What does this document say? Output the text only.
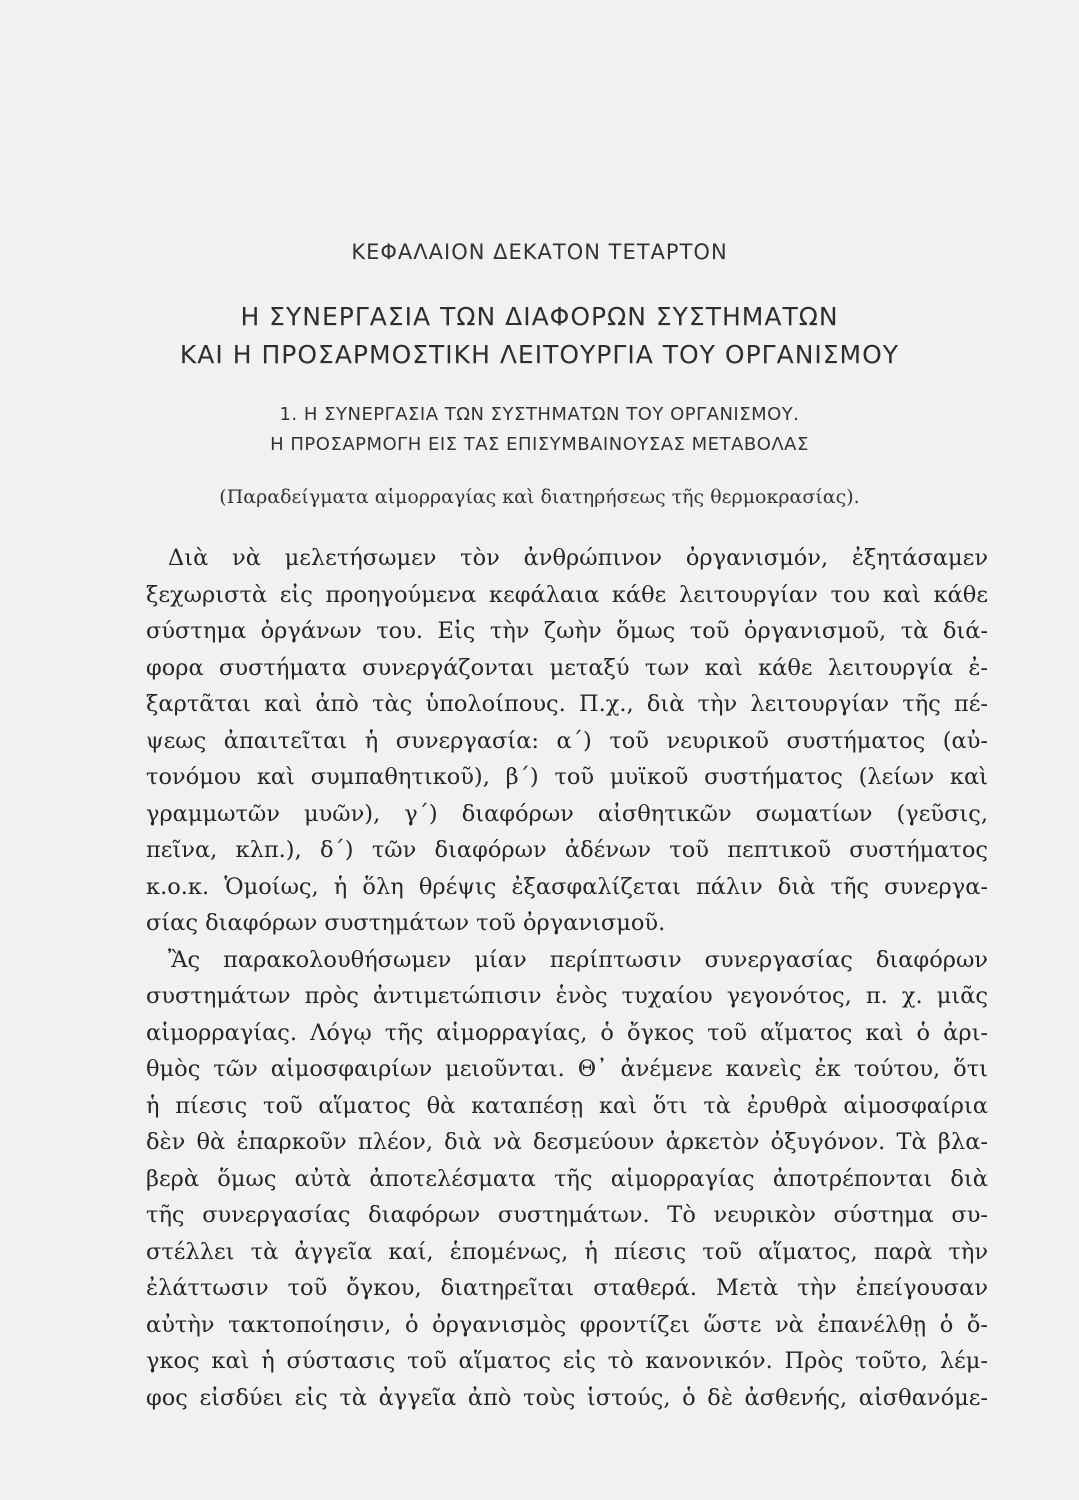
ΚΕΦΑΛΑΙΟΝ ΔΕΚΑΤΟΝ ΤΕΤΑΡΤΟΝ
Η ΣΥΝΕΡΓΑΣΙΑ ΤΩΝ ΔΙΑΦΟΡΩΝ ΣΥΣΤΗΜΑΤΩΝ
ΚΑΙ Η ΠΡΟΣΑΡΜΟΣΤΙΚΗ ΛΕΙΤΟΥΡΓΙΑ ΤΟΥ ΟΡΓΑΝΙΣΜΟΥ
1. Η ΣΥΝΕΡΓΑΣΙΑ ΤΩΝ ΣΥΣΤΗΜΑΤΩΝ ΤΟΥ ΟΡΓΑΝΙΣΜΟΥ.
Η ΠΡΟΣΑΡΜΟΓΗ ΕΙΣ ΤΑΣ ΕΠΙΣΥΜΒΑΙΝΟΥΣΑΣ ΜΕΤΑΒΟΛΑΣ
(Παραδείγματα αἱμορραγίας καὶ διατηρήσεως τῆς θερμοκρασίας).
Διὰ νὰ μελετήσωμεν τὸν ἀνθρώπινον ὀργανισμόν, ἐξητάσαμεν
ξεχωριστὰ εἰς προηγούμενα κεφάλαια κάθε λειτουργίαν του καὶ κάθε
σύστημα ὀργάνων του. Εἰς τὴν ζωὴν ὅμως τοῦ ὀργανισμοῦ, τὰ διά-
φορα συστήματα συνεργάζονται μεταξύ των καὶ κάθε λειτουργία ἐ-
ξαρτᾶται καὶ ἀπὸ τὰς ὑπολοίπους. Π.χ., διὰ τὴν λειτουργίαν τῆς πέ-
ψεως ἀπαιτεῖται ἡ συνεργασία: α΄) τοῦ νευρικοῦ συστήματος (αὐ-
τονόμου καὶ συμπαθητικοῦ), β΄) τοῦ μυϊκοῦ συστήματος (λείων καὶ
γραμμωτῶν μυῶν), γ΄) διαφόρων αἰσθητικῶν σωματίων (γεῦσις,
πεῖνα, κλπ.), δ΄) τῶν διαφόρων ἀδένων τοῦ πεπτικοῦ συστήματος
κ.ο.κ. Ὁμοίως, ἡ ὅλη θρέψις ἐξασφαλίζεται πάλιν διὰ τῆς συνεργα-
σίας διαφόρων συστημάτων τοῦ ὀργανισμοῦ.
Ἂς παρακολουθήσωμεν μίαν περίπτωσιν συνεργασίας διαφόρων
συστημάτων πρὸς ἀντιμετώπισιν ἑνὸς τυχαίου γεγονότος, π. χ. μιᾶς
αἱμορραγίας. Λόγῳ τῆς αἱμορραγίας, ὁ ὄγκος τοῦ αἵματος καὶ ὁ ἀρι-
θμὸς τῶν αἱμοσφαιρίων μειοῦνται. Θ᾽ ἀνέμενε κανεὶς ἐκ τούτου, ὅτι
ἡ πίεσις τοῦ αἵματος θὰ καταπέσῃ καὶ ὅτι τὰ ἐρυθρὰ αἱμοσφαίρια
δὲν θὰ ἐπαρκοῦν πλέον, διὰ νὰ δεσμεύουν ἀρκετὸν ὀξυγόνον. Τὰ βλα-
βερὰ ὅμως αὐτὰ ἀποτελέσματα τῆς αἱμορραγίας ἀποτρέπονται διὰ
τῆς συνεργασίας διαφόρων συστημάτων. Τὸ νευρικὸν σύστημα συ-
στέλλει τὰ ἀγγεῖα καί, ἑπομένως, ἡ πίεσις τοῦ αἵματος, παρὰ τὴν
ἐλάττωσιν τοῦ ὄγκου, διατηρεῖται σταθερά. Μετὰ τὴν ἐπείγουσαν
αὐτὴν τακτοποίησιν, ὁ ὀργανισμὸς φροντίζει ὥστε νὰ ἐπανέλθῃ ὁ ὄ-
γκος καὶ ἡ σύστασις τοῦ αἵματος εἰς τὸ κανονικόν. Πρὸς τοῦτο, λέμ-
φος εἰσδύει εἰς τὰ ἀγγεῖα ἀπὸ τοὺς ἱστούς, ὁ δὲ ἀσθενής, αἰσθανόμε-
